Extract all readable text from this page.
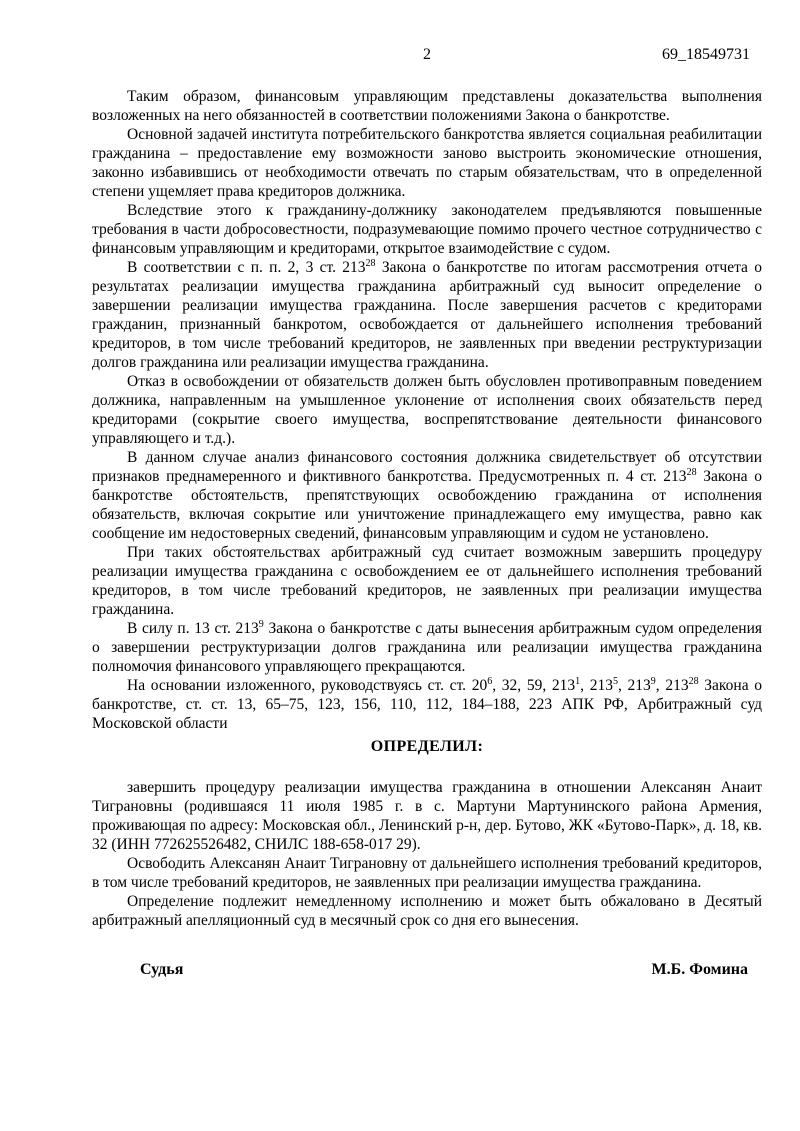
2	69_18549731

Таким образом, финансовым управляющим представлены доказательства выполнения возложенных на него обязанностей в соответствии положениями Закона о банкротстве.

Основной задачей института потребительского банкротства является социальная реабилитации гражданина – предоставление ему возможности заново выстроить экономические отношения, законно избавившись от необходимости отвечать по старым обязательствам, что в определенной степени ущемляет права кредиторов должника.

Вследствие этого к гражданину-должнику законодателем предъявляются повышенные требования в части добросовестности, подразумевающие помимо прочего честное сотрудничество с финансовым управляющим и кредиторами, открытое взаимодействие с судом.

В соответствии с п. п. 2, 3 ст. $213^{28}$ Закона о банкротстве по итогам рассмотрения отчета о результатах реализации имущества гражданина арбитражный суд выносит определение о завершении реализации имущества гражданина. После завершения расчетов с кредиторами гражданин, признанный банкротом, освобождается от дальнейшего исполнения требований кредиторов, в том числе требований кредиторов, не заявленных при введении реструктуризации долгов гражданина или реализации имущества гражданина.

Отказ в освобождении от обязательств должен быть обусловлен противоправным поведением должника, направленным на умышленное уклонение от исполнения своих обязательств перед кредиторами (сокрытие своего имущества, воспрепятствование деятельности финансового управляющего и т.д.).

В данном случае анализ финансового состояния должника свидетельствует об отсутствии признаков преднамеренного и фиктивного банкротства. Предусмотренных п. 4 ст. $213^{28}$ Закона о банкротстве обстоятельств, препятствующих освобождению гражданина от исполнения обязательств, включая сокрытие или уничтожение принадлежащего ему имущества, равно как сообщение им недостоверных сведений, финансовым управляющим и судом не установлено.

При таких обстоятельствах арбитражный суд считает возможным завершить процедуру реализации имущества гражданина с освобождением ее от дальнейшего исполнения требований кредиторов, в том числе требований кредиторов, не заявленных при реализации имущества гражданина.

В силу п. 13 ст. $213^9$ Закона о банкротстве с даты вынесения арбитражным судом определения о завершении реструктуризации долгов гражданина или реализации имущества гражданина полномочия финансового управляющего прекращаются.

На основании изложенного, руководствуясь ст. ст. $20^6$, 32, 59, $213^1$, $213^5$, $213^9$, $213^{28}$ Закона о банкротстве, ст. ст. 13, 65–75, 123, 156, 110, 112, 184–188, 223 АПК РФ, Арбитражный суд Московской области

ОПРЕДЕЛИЛ:

завершить процедуру реализации имущества гражданина в отношении Алексанян Анаит Тиграновны (родившаяся 11 июля 1985 г. в с. Мартуни Мартунинского района Армения, проживающая по адресу: Московская обл., Ленинский р-н, дер. Бутово, ЖК «Бутово-Парк», д. 18, кв. 32 (ИНН 772625526482, СНИЛС 188-658-017 29).

Освободить Алексанян Анаит Тиграновну от дальнейшего исполнения требований кредиторов, в том числе требований кредиторов, не заявленных при реализации имущества гражданина.

Определение подлежит немедленному исполнению и может быть обжаловано в Десятый арбитражный апелляционный суд в месячный срок со дня его вынесения.

Судья	М.Б. Фомина
